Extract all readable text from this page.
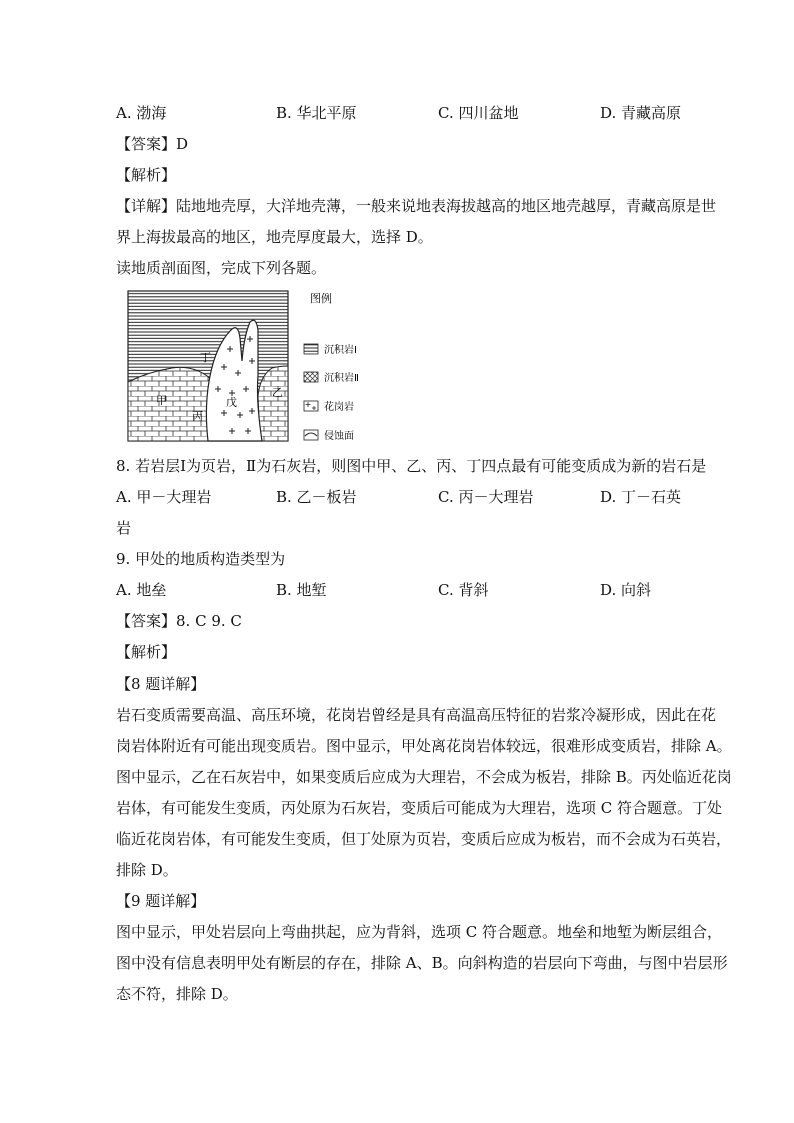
A. 渤海	B. 华北平原	C. 四川盆地	D. 青藏高原
【答案】D
【解析】
【详解】陆地地壳厚，大洋地壳薄，一般来说地表海拔越高的地区地壳越厚，青藏高原是世
界上海拔最高的地区，地壳厚度最大，选择 D。
读地质剖面图，完成下列各题。
丁
甲
丙
乙
戊
图例
沉积岩Ⅰ
沉积岩Ⅱ
花岗岩
侵蚀面
8. 若岩层Ⅰ为页岩，Ⅱ为石灰岩，则图中甲、乙、丙、丁四点最有可能变质成为新的岩石是
A. 甲－大理岩	B. 乙－板岩	C. 丙－大理岩	D. 丁－石英
岩
9. 甲处的地质构造类型为
A. 地垒	B. 地堑	C. 背斜	D. 向斜
【答案】8. C 9. C
【解析】
【8 题详解】
岩石变质需要高温、高压环境，花岗岩曾经是具有高温高压特征的岩浆冷凝形成，因此在花
岗岩体附近有可能出现变质岩。图中显示，甲处离花岗岩体较远，很难形成变质岩，排除 A。
图中显示，乙在石灰岩中，如果变质后应成为大理岩，不会成为板岩，排除 B。丙处临近花岗
岩体，有可能发生变质，丙处原为石灰岩，变质后可能成为大理岩，选项 C 符合题意。丁处
临近花岗岩体，有可能发生变质，但丁处原为页岩，变质后应成为板岩，而不会成为石英岩，
排除 D。
【9 题详解】
图中显示，甲处岩层向上弯曲拱起，应为背斜，选项 C 符合题意。地垒和地堑为断层组合，
图中没有信息表明甲处有断层的存在，排除 A、B。向斜构造的岩层向下弯曲，与图中岩层形
态不符，排除 D。
